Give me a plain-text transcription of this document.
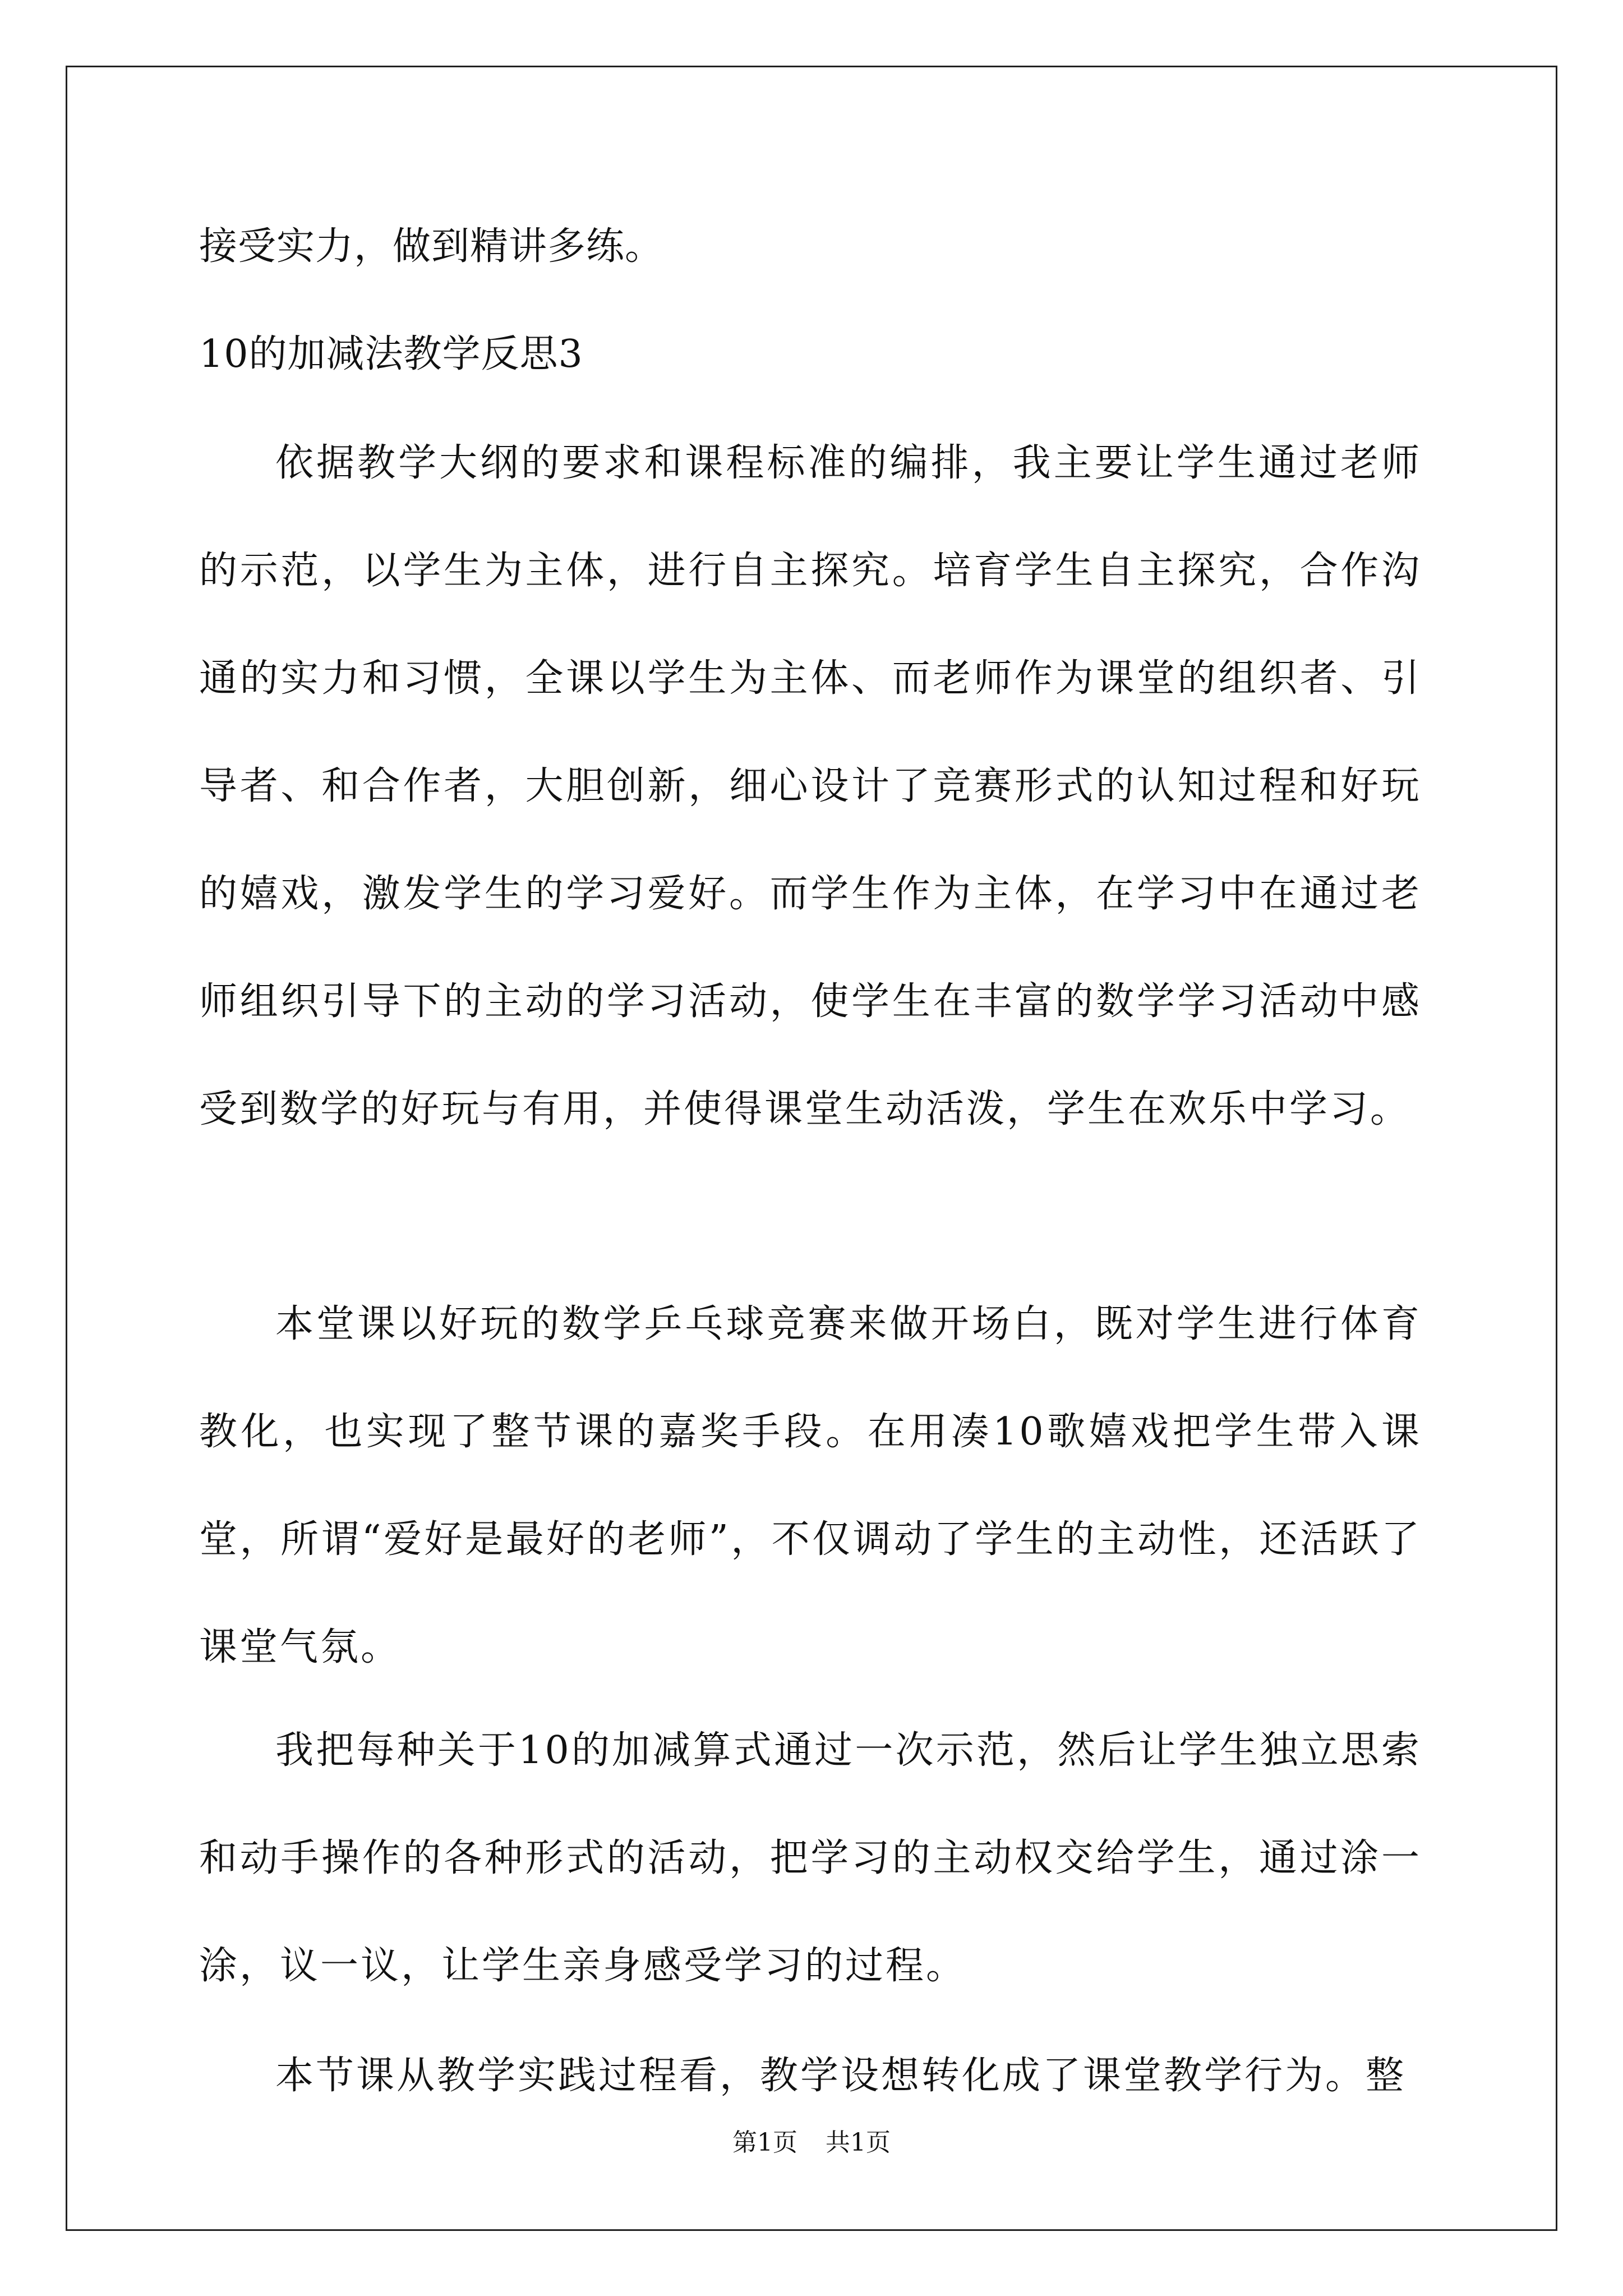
接受实力，做到精讲多练。
10的加减法教学反思3

依据教学大纲的要求和课程标准的编排，我主要让学生通过老师的示范，以学生为主体，进行自主探究。培育学生自主探究，合作沟通的实力和习惯，全课以学生为主体、而老师作为课堂的组织者、引导者、和合作者，大胆创新，细心设计了竞赛形式的认知过程和好玩的嬉戏，激发学生的学习爱好。而学生作为主体，在学习中在通过老师组织引导下的主动的学习活动，使学生在丰富的数学学习活动中感受到数学的好玩与有用，并使得课堂生动活泼，学生在欢乐中学习。

本堂课以好玩的数学乒乓球竞赛来做开场白，既对学生进行体育教化，也实现了整节课的嘉奖手段。在用凑10歌嬉戏把学生带入课堂，所谓“爱好是最好的老师”，不仅调动了学生的主动性，还活跃了课堂气氛。

我把每种关于10的加减算式通过一次示范，然后让学生独立思索和动手操作的各种形式的活动，把学习的主动权交给学生，通过涂一涂，议一议，让学生亲身感受学习的过程。

本节课从教学实践过程看，教学设想转化成了课堂教学行为。整

第1页 共1页
